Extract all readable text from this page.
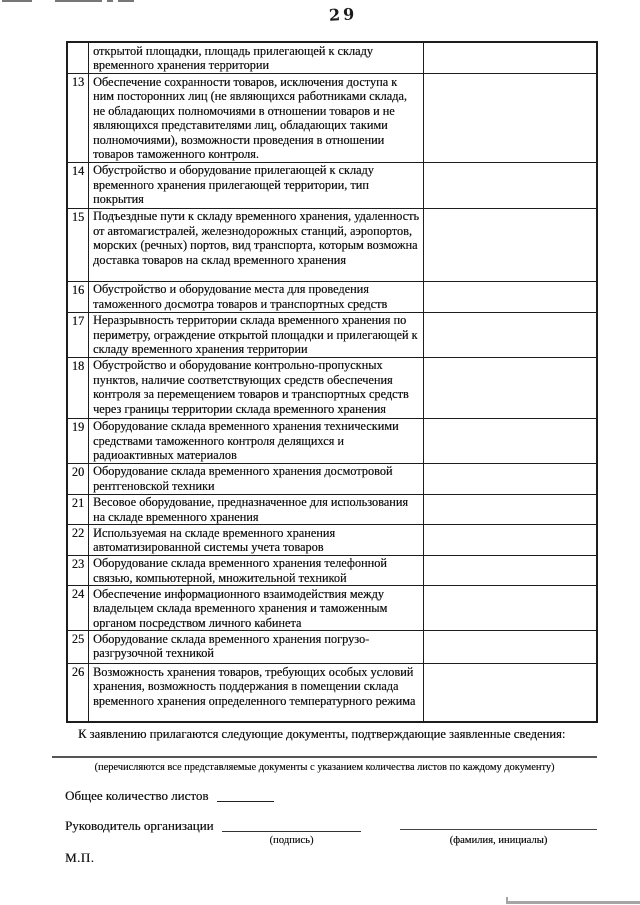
29
открытой площадки, площадь прилегающей к складу временного хранения территории
13 Обеспечение сохранности товаров, исключения доступа к ним посторонних лиц (не являющихся работниками склада, не обладающих полномочиями в отношении товаров и не являющихся представителями лиц, обладающих такими полномочиями), возможности проведения в отношении товаров таможенного контроля.
14 Обустройство и оборудование прилегающей к складу временного хранения прилегающей территории, тип покрытия
15 Подъездные пути к складу временного хранения, удаленность от автомагистралей, железнодорожных станций, аэропортов, морских (речных) портов, вид транспорта, которым возможна доставка товаров на склад временного хранения
16 Обустройство и оборудование места для проведения таможенного досмотра товаров и транспортных средств
17 Неразрывность территории склада временного хранения по периметру, ограждение открытой площадки и прилегающей к складу временного хранения территории
18 Обустройство и оборудование контрольно-пропускных пунктов, наличие соответствующих средств обеспечения контроля за перемещением товаров и транспортных средств через границы территории склада временного хранения
19 Оборудование склада временного хранения техническими средствами таможенного контроля делящихся и радиоактивных материалов
20 Оборудование склада временного хранения досмотровой рентгеновской техники
21 Весовое оборудование, предназначенное для использования на складе временного хранения
22 Используемая на складе временного хранения автоматизированной системы учета товаров
23 Оборудование склада временного хранения телефонной связью, компьютерной, множительной техникой
24 Обеспечение информационного взаимодействия между владельцем склада временного хранения и таможенным органом посредством личного кабинета
25 Оборудование склада временного хранения погрузо-разгрузочной техникой
26 Возможность хранения товаров, требующих особых условий хранения, возможность поддержания в помещении склада временного хранения определенного температурного режима
К заявлению прилагаются следующие документы, подтверждающие заявленные сведения:
(перечисляются все представляемые документы с указанием количества листов по каждому документу)
Общее количество листов
Руководитель организации
(подпись)	(фамилия, инициалы)
М.П.
